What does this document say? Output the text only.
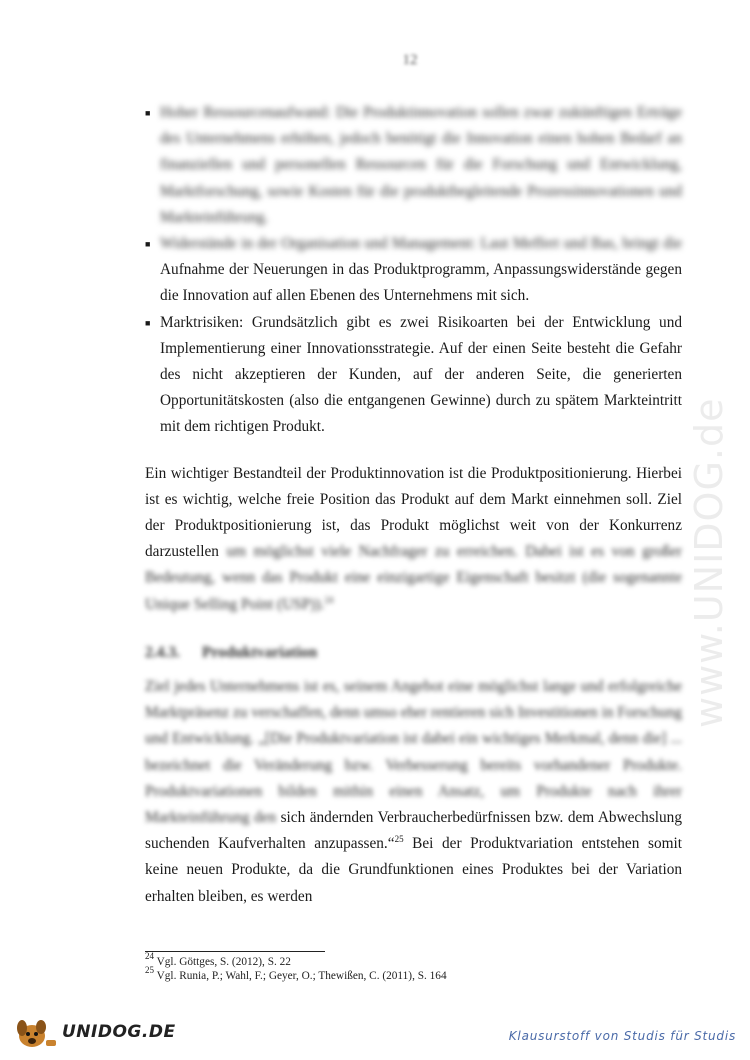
12
■ Hoher Ressourcenaufwand: Die Produktinnovation sollen zwar zukünftigen Erträge des Unternehmens erhöhen, jedoch benötigt die Innovation einen hohen Bedarf an finanziellen und personellen Ressourcen für die Forschung und Entwicklung, Marktforschung, sowie Kosten für die produktbegleitende Prozessinnovationen und Markteinführung.
■ Widerstände in der Organisation und Management: Laut Meffert und Bas, bringt die Aufnahme der Neuerungen in das Produktprogramm, Anpassungswiderstände gegen die Innovation auf allen Ebenen des Unternehmens mit sich.
■ Marktrisiken: Grundsätzlich gibt es zwei Risikoarten bei der Entwicklung und Implementierung einer Innovationsstrategie. Auf der einen Seite besteht die Gefahr des nicht akzeptieren der Kunden, auf der anderen Seite, die generierten Opportunitätskosten (also die entgangenen Gewinne) durch zu spätem Markteintritt mit dem richtigen Produkt.

Ein wichtiger Bestandteil der Produktinnovation ist die Produktpositionierung. Hierbei ist es wichtig, welche freie Position das Produkt auf dem Markt einnehmen soll. Ziel der Produktpositionierung ist, das Produkt möglichst weit von der Konkurrenz darzustellen um möglichst viele Nachfrager zu erreichen. Dabei ist es von großer Bedeutung, wenn das Produkt eine einzigartige Eigenschaft besitzt (die sogenannte Unique Selling Point (USP)).$^{24}$

2.4.3. Produktvariation

Ziel jedes Unternehmens ist es, seinem Angebot eine möglichst lange und erfolgreiche Marktpräsenz zu verschaffen, denn umso eher rentieren sich Investitionen in Forschung und Entwicklung. „[Die Produktvariation ist dabei ein wichtiges Merkmal, denn die] ... bezeichnet die Veränderung bzw. Verbesserung bereits vorhandener Produkte. Produktvariationen bilden mithin einen Ansatz, um Produkte nach ihrer Markteinführung den sich ändernden Verbraucherbedürfnissen bzw. dem Abwechslung suchenden Kaufverhalten anzupassen.“$^{25}$ Bei der Produktvariation entstehen somit keine neuen Produkte, da die Grundfunktionen eines Produktes bei der Variation erhalten bleiben, es werden

$^{24}$ Vgl. Göttges, S. (2012), S. 22
$^{25}$ Vgl. Runia, P.; Wahl, F.; Geyer, O.; Thewißen, C. (2011), S. 164
www.UNIDOG.de
UNIDOG.DE	Klausurstoff von Studis für Studis
